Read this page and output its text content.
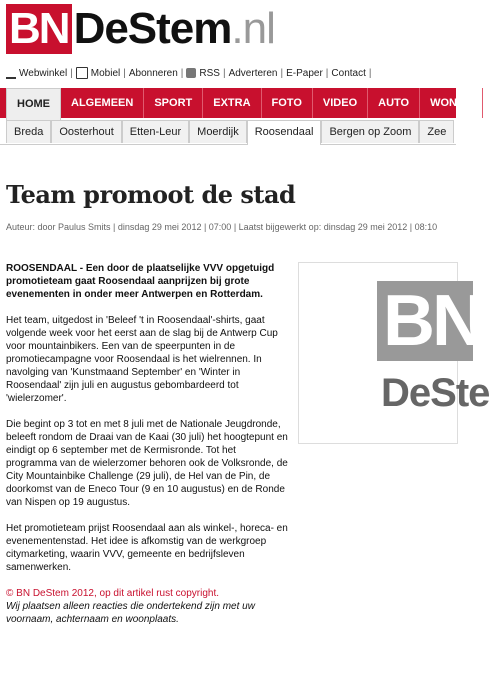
BN DeStem .nl
Webwinkel | Mobiel | Abonneren | RSS | Adverteren | E-Paper | Contact |
HOME	ALGEMEEN	SPORT	EXTRA	FOTO	VIDEO	AUTO	WONEN
Breda	Oosterhout	Etten-Leur	Moerdijk	Roosendaal	Bergen op Zoom	Zee
Team promoot de stad
Auteur: door Paulus Smits | dinsdag 29 mei 2012 | 07:00 | Laatst bijgewerkt op: dinsdag 29 mei 2012 | 08:10

ROOSENDAAL - Een door de plaatselijke VVV opgetuigd promotieteam gaat Roosendaal aanprijzen bij grote evenementen in onder meer Antwerpen en Rotterdam.

Het team, uitgedost in 'Beleef 't in Roosendaal'-shirts, gaat volgende week voor het eerst aan de slag bij de Antwerp Cup voor mountainbikers. Een van de speerpunten in de promotiecampagne voor Roosendaal is het wielrennen. In navolging van 'Kunstmaand September' en 'Winter in Roosendaal' zijn juli en augustus gebombardeerd tot 'wielerzomer'.

Die begint op 3 tot en met 8 juli met de Nationale Jeugdronde, beleeft rondom de Draai van de Kaai (30 juli) het hoogtepunt en eindigt op 6 september met de Kermisronde. Tot het programma van de wielerzomer behoren ook de Volksronde, de City Mountainbike Challenge (29 juli), de Hel van de Pin, de doorkomst van de Eneco Tour (9 en 10 augustus) en de Ronde van Nispen op 19 augustus.

Het promotieteam prijst Roosendaal aan als winkel-, horeca- en evenementenstad. Het idee is afkomstig van de werkgroep citymarketing, waarin VVV, gemeente en bedrijfsleven samenwerken.

© BN DeStem 2012, op dit artikel rust copyright.

Wij plaatsen alleen reacties die ondertekend zijn met uw voornaam, achternaam en woonplaats.

BN
DeSte
